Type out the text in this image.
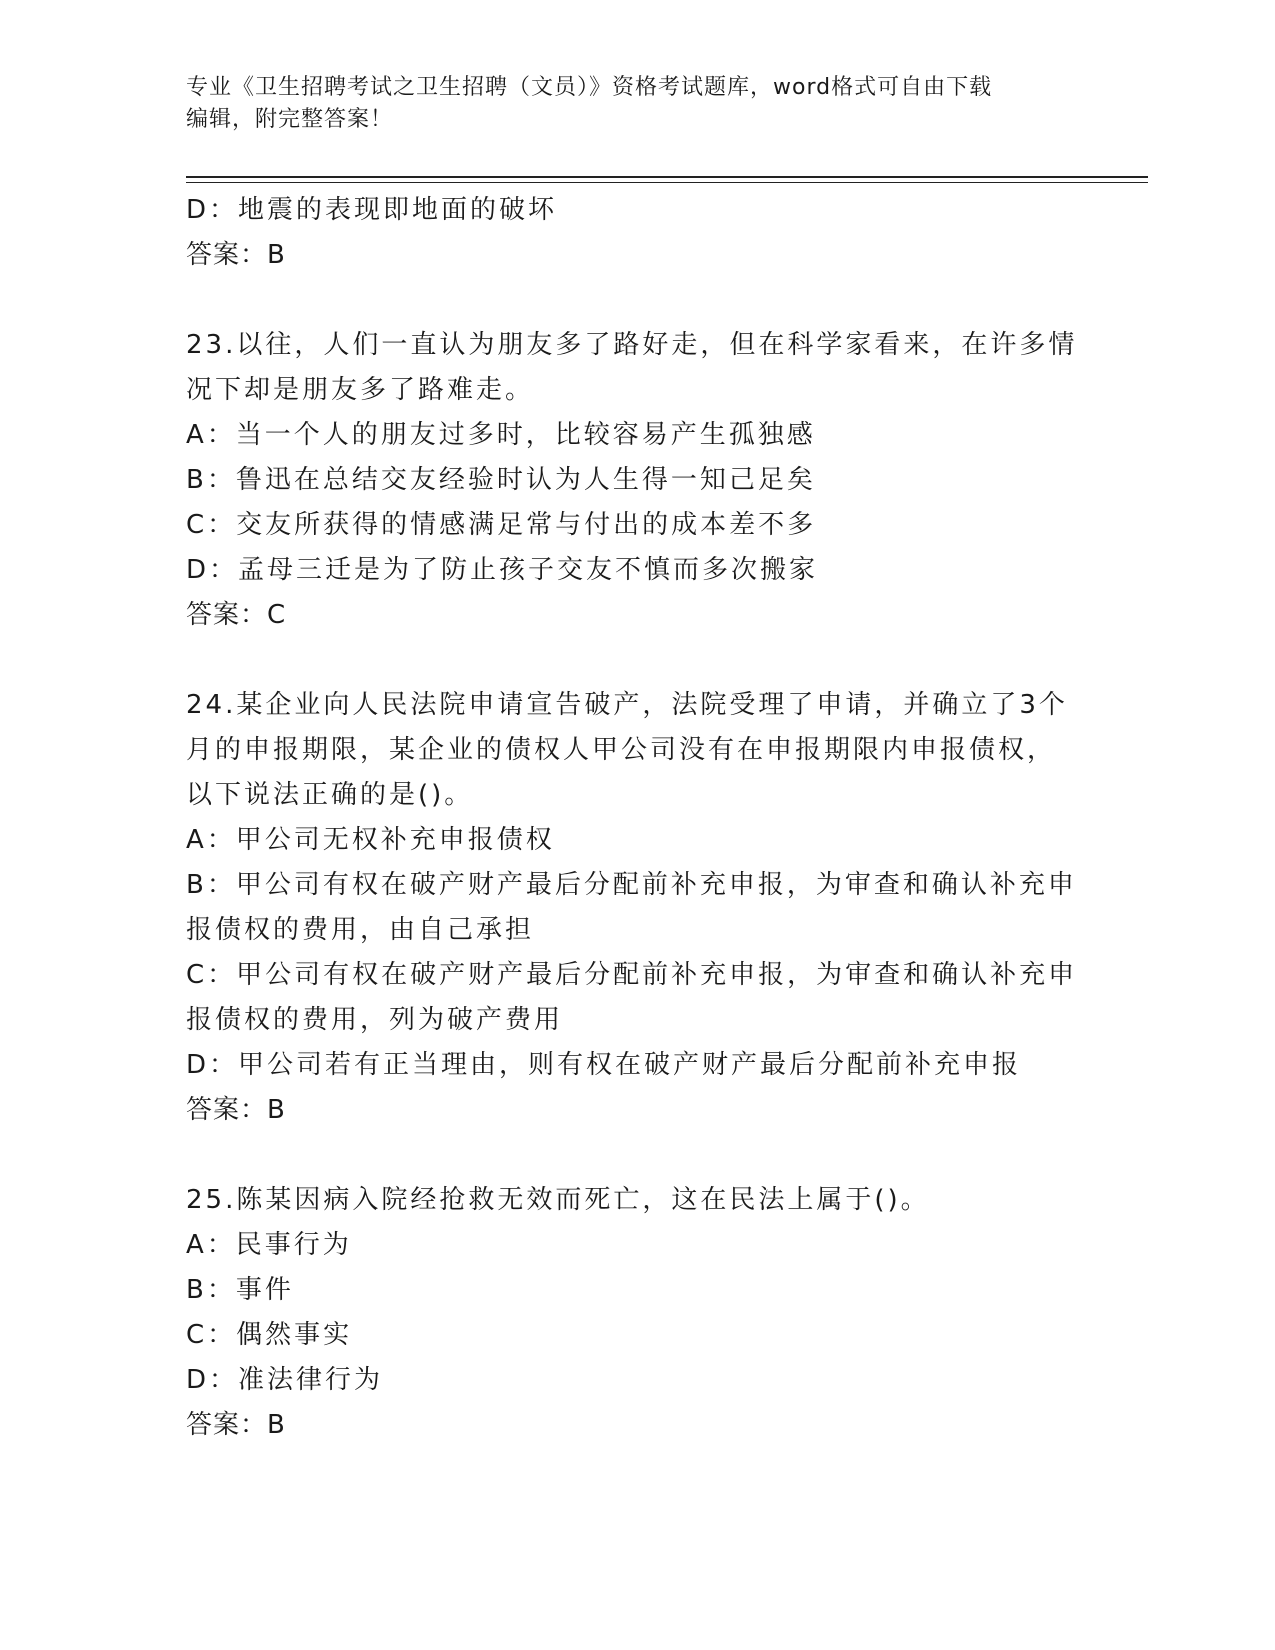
专业《卫生招聘考试之卫生招聘（文员）》资格考试题库，word格式可自由下载
编辑，附完整答案！
D：地震的表现即地面的破坏
答案：B
23.以往，人们一直认为朋友多了路好走，但在科学家看来，在许多情
况下却是朋友多了路难走。
A：当一个人的朋友过多时，比较容易产生孤独感
B：鲁迅在总结交友经验时认为人生得一知己足矣
C：交友所获得的情感满足常与付出的成本差不多
D：孟母三迁是为了防止孩子交友不慎而多次搬家
答案：C
24.某企业向人民法院申请宣告破产，法院受理了申请，并确立了3个
月的申报期限，某企业的债权人甲公司没有在申报期限内申报债权，
以下说法正确的是()。
A：甲公司无权补充申报债权
B：甲公司有权在破产财产最后分配前补充申报，为审查和确认补充申
报债权的费用，由自己承担
C：甲公司有权在破产财产最后分配前补充申报，为审查和确认补充申
报债权的费用，列为破产费用
D：甲公司若有正当理由，则有权在破产财产最后分配前补充申报
答案：B
25.陈某因病入院经抢救无效而死亡，这在民法上属于()。
A：民事行为
B：事件
C：偶然事实
D：准法律行为
答案：B
